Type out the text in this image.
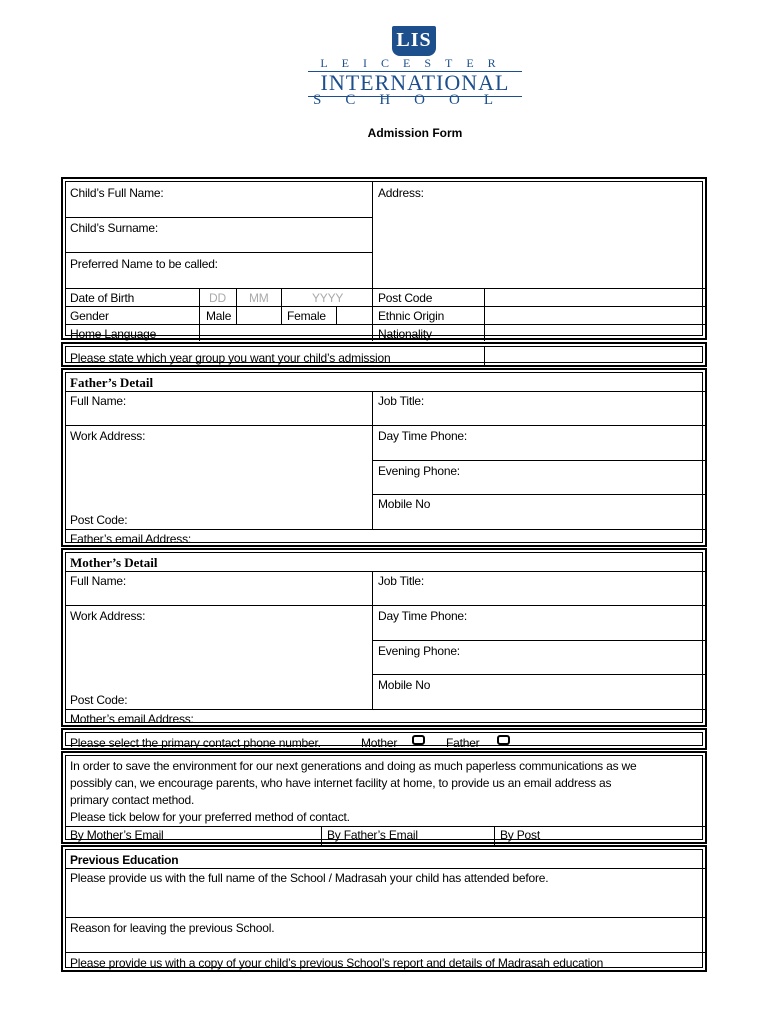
LIS
LEICESTER
INTERNATIONAL
SCHOOL
Admission Form
Child’s Full Name:
Child’s Surname:
Preferred Name to be called:
Address:
Date of Birth	DD MM	YYYY	Post Code
Gender	Male	Female	Ethnic Origin
Home Language	Nationality
Please state which year group you want your child’s admission
Father’s Detail
Full Name:	Job Title:
Work Address:	Day Time Phone:
Evening Phone:
Mobile No
Post Code:
Father’s email Address:
Mother’s Detail
Full Name:	Job Title:
Work Address:	Day Time Phone:
Evening Phone:
Mobile No
Post Code:
Mother’s email Address:
Please select the primary contact phone number.	Mother	Father
In order to save the environment for our next generations and doing as much paperless communications as we
possibly can, we encourage parents, who have internet facility at home, to provide us an email address as
primary contact method.
Please tick below for your preferred method of contact.
By Mother’s Email	By Father’s Email	By Post
Previous Education
Please provide us with the full name of the School / Madrasah your child has attended before.
Reason for leaving the previous School.
Please provide us with a copy of your child’s previous School’s report and details of Madrasah education
